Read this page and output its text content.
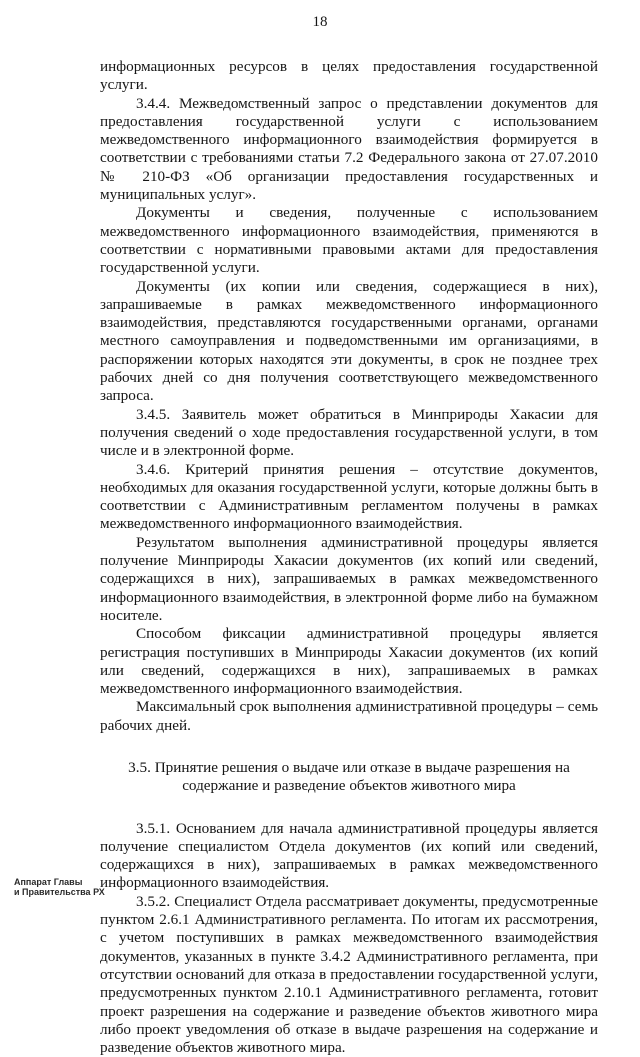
18

информационных ресурсов в целях предоставления государственной услуги.

3.4.4. Межведомственный запрос о представлении документов для предоставления государственной услуги с использованием межведомственного информационного взаимодействия формируется в соответствии с требованиями статьи 7.2 Федерального закона от 27.07.2010 № 210-ФЗ «Об организации предоставления государственных и муниципальных услуг».

Документы и сведения, полученные с использованием межведомственного информационного взаимодействия, применяются в соответствии с нормативными правовыми актами для предоставления государственной услуги.

Документы (их копии или сведения, содержащиеся в них), запрашиваемые в рамках межведомственного информационного взаимодействия, представляются государственными органами, органами местного самоуправления и подведомственными им организациями, в распоряжении которых находятся эти документы, в срок не позднее трех рабочих дней со дня получения соответствующего межведомственного запроса.

3.4.5. Заявитель может обратиться в Минприроды Хакасии для получения сведений о ходе предоставления государственной услуги, в том числе и в электронной форме.

3.4.6. Критерий принятия решения – отсутствие документов, необходимых для оказания государственной услуги, которые должны быть в соответствии с Административным регламентом получены в рамках межведомственного информационного взаимодействия.

Результатом выполнения административной процедуры является получение Минприроды Хакасии документов (их копий или сведений, содержащихся в них), запрашиваемых в рамках межведомственного информационного взаимодействия, в электронной форме либо на бумажном носителе.

Способом фиксации административной процедуры является регистрация поступивших в Минприроды Хакасии документов (их копий или сведений, содержащихся в них), запрашиваемых в рамках межведомственного информационного взаимодействия.

Максимальный срок выполнения административной процедуры – семь рабочих дней.

3.5. Принятие решения о выдаче или отказе в выдаче разрешения на содержание и разведение объектов животного мира

3.5.1. Основанием для начала административной процедуры является получение специалистом Отдела документов (их копий или сведений, содержащихся в них), запрашиваемых в рамках межведомственного информационного взаимодействия.

3.5.2. Специалист Отдела рассматривает документы, предусмотренные пунктом 2.6.1 Административного регламента. По итогам их рассмотрения, с учетом поступивших в рамках межведомственного взаимодействия документов, указанных в пункте 3.4.2 Административного регламента, при отсутствии оснований для отказа в предоставлении государственной услуги, предусмотренных пунктом 2.10.1 Административного регламента, готовит проект разрешения на содержание и разведение объектов животного мира либо проект уведомления об отказе в выдаче разрешения на содержание и разведение объектов животного мира.

Аппарат Главы
и Правительства РХ
